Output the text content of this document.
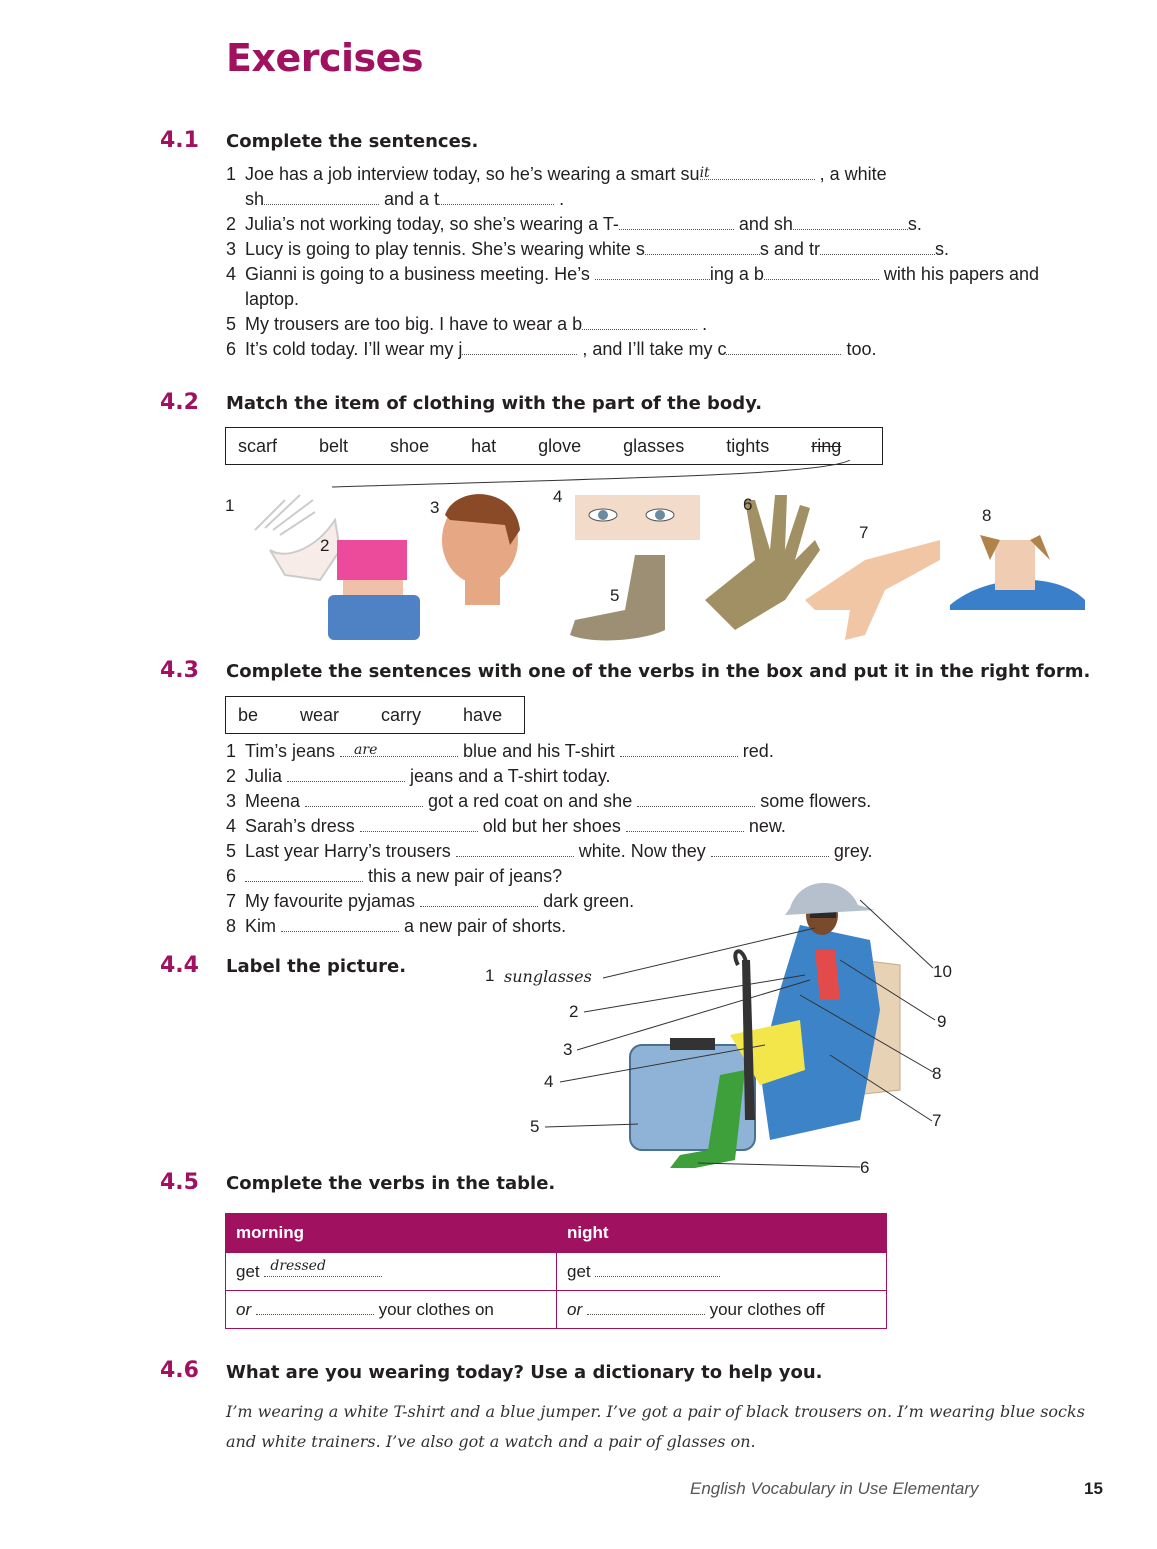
Exercises
4.1 Complete the sentences.
1 Joe has a job interview today, so he’s wearing a smart su it	, a white
sh	and a t	.
2 Julia’s not working today, so she’s wearing a T-	and sh	s.
3 Lucy is going to play tennis. She’s wearing white s	s and tr	s.
4 Gianni is going to a business meeting. He’s	ing a b	with his papers and
laptop.
5 My trousers are too big. I have to wear a b	.
6 It’s cold today. I’ll wear my j	, and I’ll take my c	too.
4.2 Match the item of clothing with the part of the body.
scarf belt shoe hat glove glasses tights ring
1
2
3
4
5
6
7
8
4.3 Complete the sentences with one of the verbs in the box and put it in the right form.
be wear carry have
1 Tim’s jeans are	blue and his T-shirt	red.
2 Julia	jeans and a T-shirt today.
3 Meena	got a red coat on and she	some flowers.
4 Sarah’s dress	old but her shoes	new.
5 Last year Harry’s trousers	white. Now they	grey.
6	this a new pair of jeans?
7 My favourite pyjamas	dark green.
8 Kim	a new pair of shorts.
4.4 Label the picture.	1 sunglasses
2
3
4
5
6
7
8
9
10
4.5 Complete the verbs in the table.
morning	night
get dressed	get
or your clothes on	or your clothes off
4.6 What are you wearing today? Use a dictionary to help you.
I’m wearing a white T-shirt and a blue jumper. I’ve got a pair of black trousers on. I’m wearing blue socks and white trainers. I’ve also got a watch and a pair of glasses on.
English Vocabulary in Use Elementary	15
